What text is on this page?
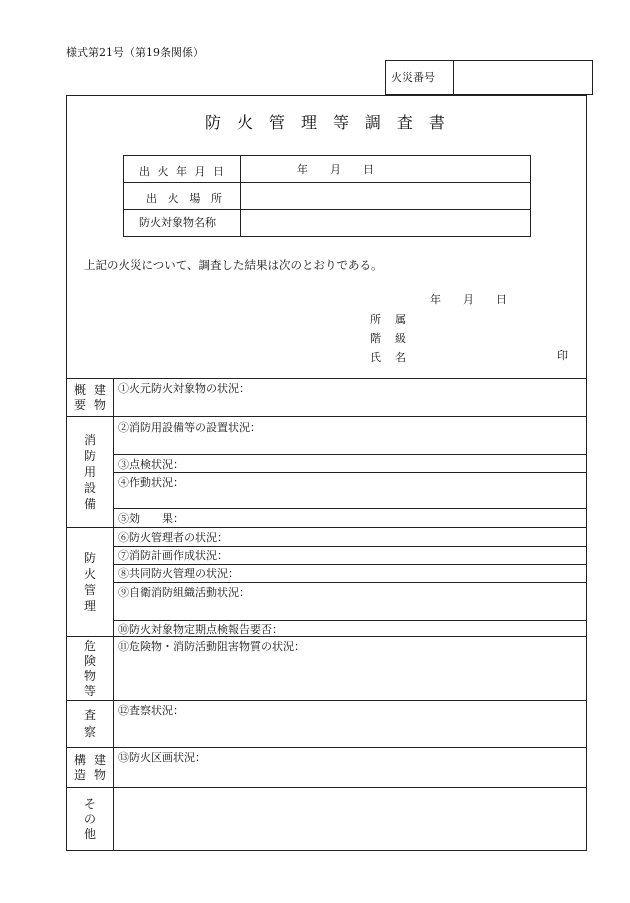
様式第21号（第19条関係）
火災番号
防 火 管 理 等 調 査 書
出 火 年 月 日	年　　月　　日
出 火 場 所
防火対象物名称
上記の火災について、調査した結果は次のとおりである。
年　　月　　日
所 属
階 級
氏 名	印
概
要
建
物
消
防
用
設
備
防
火
管
理
危
険
物
等
査
察
構
造
建
物
そ
の
他
①火元防火対象物の状況：
②消防用設備等の設置状況：
③点検状況：
④作動状況：
⑤効　　果：
⑥防火管理者の状況：
⑦消防計画作成状況：
⑧共同防火管理の状況：
⑨自衛消防組織活動状況：
⑩防火対象物定期点検報告要否：
⑪危険物・消防活動阻害物質の状況：
⑫査察状況：
⑬防火区画状況：
